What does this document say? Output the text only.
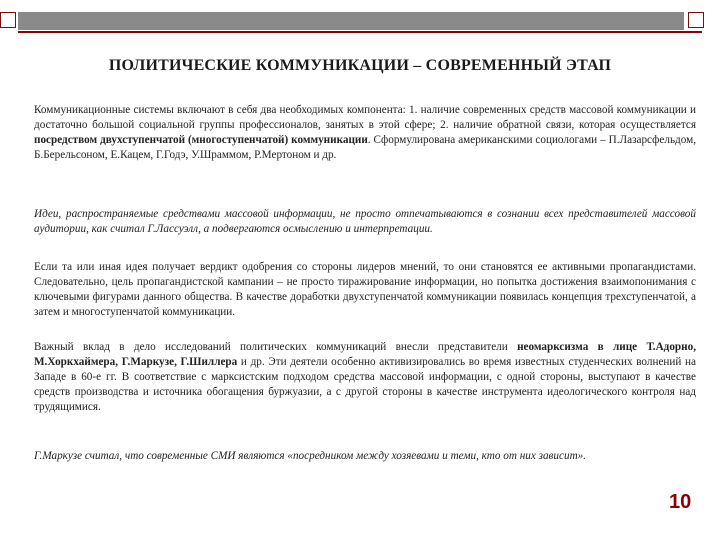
ПОЛИТИЧЕСКИЕ КОММУНИКАЦИИ – СОВРЕМЕННЫЙ ЭТАП

Коммуникационные системы включают в себя два необходимых компонента: 1. наличие современных средств массовой коммуникации и достаточно большой социальной группы профессионалов, занятых в этой сфере; 2. наличие обратной связи, которая осуществляется посредством двухступенчатой (многоступенчатой) коммуникации. Сформулирована американскими социологами – П.Лазарсфельдом, Б.Берельсоном, Е.Кацем, Г.Годэ, У.Шраммом, Р.Мертоном и др.

Идеи, распространяемые средствами массовой информации, не просто отпечатываются в сознании всех представителей массовой аудитории, как считал Г.Лассуэлл, а подвергаются осмыслению и интерпретации.

Если та или иная идея получает вердикт одобрения со стороны лидеров мнений, то они становятся ее активными пропагандистами. Следовательно, цель пропагандистской кампании – не просто тиражирование информации, но попытка достижения взаимопонимания с ключевыми фигурами данного общества. В качестве доработки двухступенчатой коммуникации появилась концепция трехступенчатой, а затем и многоступенчатой коммуникации.

Важный вклад в дело исследований политических коммуникаций внесли представители неомарксизма в лице Т.Адорно, М.Хоркхаймера, Г.Маркузе, Г.Шиллера и др. Эти деятели особенно активизировались во время известных студенческих волнений на Западе в 60-е гг. В соответствие с марксистским подходом средства массовой информации, с одной стороны, выступают в качестве средств производства и источника обогащения буржуазии, а с другой стороны в качестве инструмента идеологического контроля над трудящимися.

Г.Маркузе считал, что современные СМИ являются «посредником между хозяевами и теми, кто от них зависит».

10
